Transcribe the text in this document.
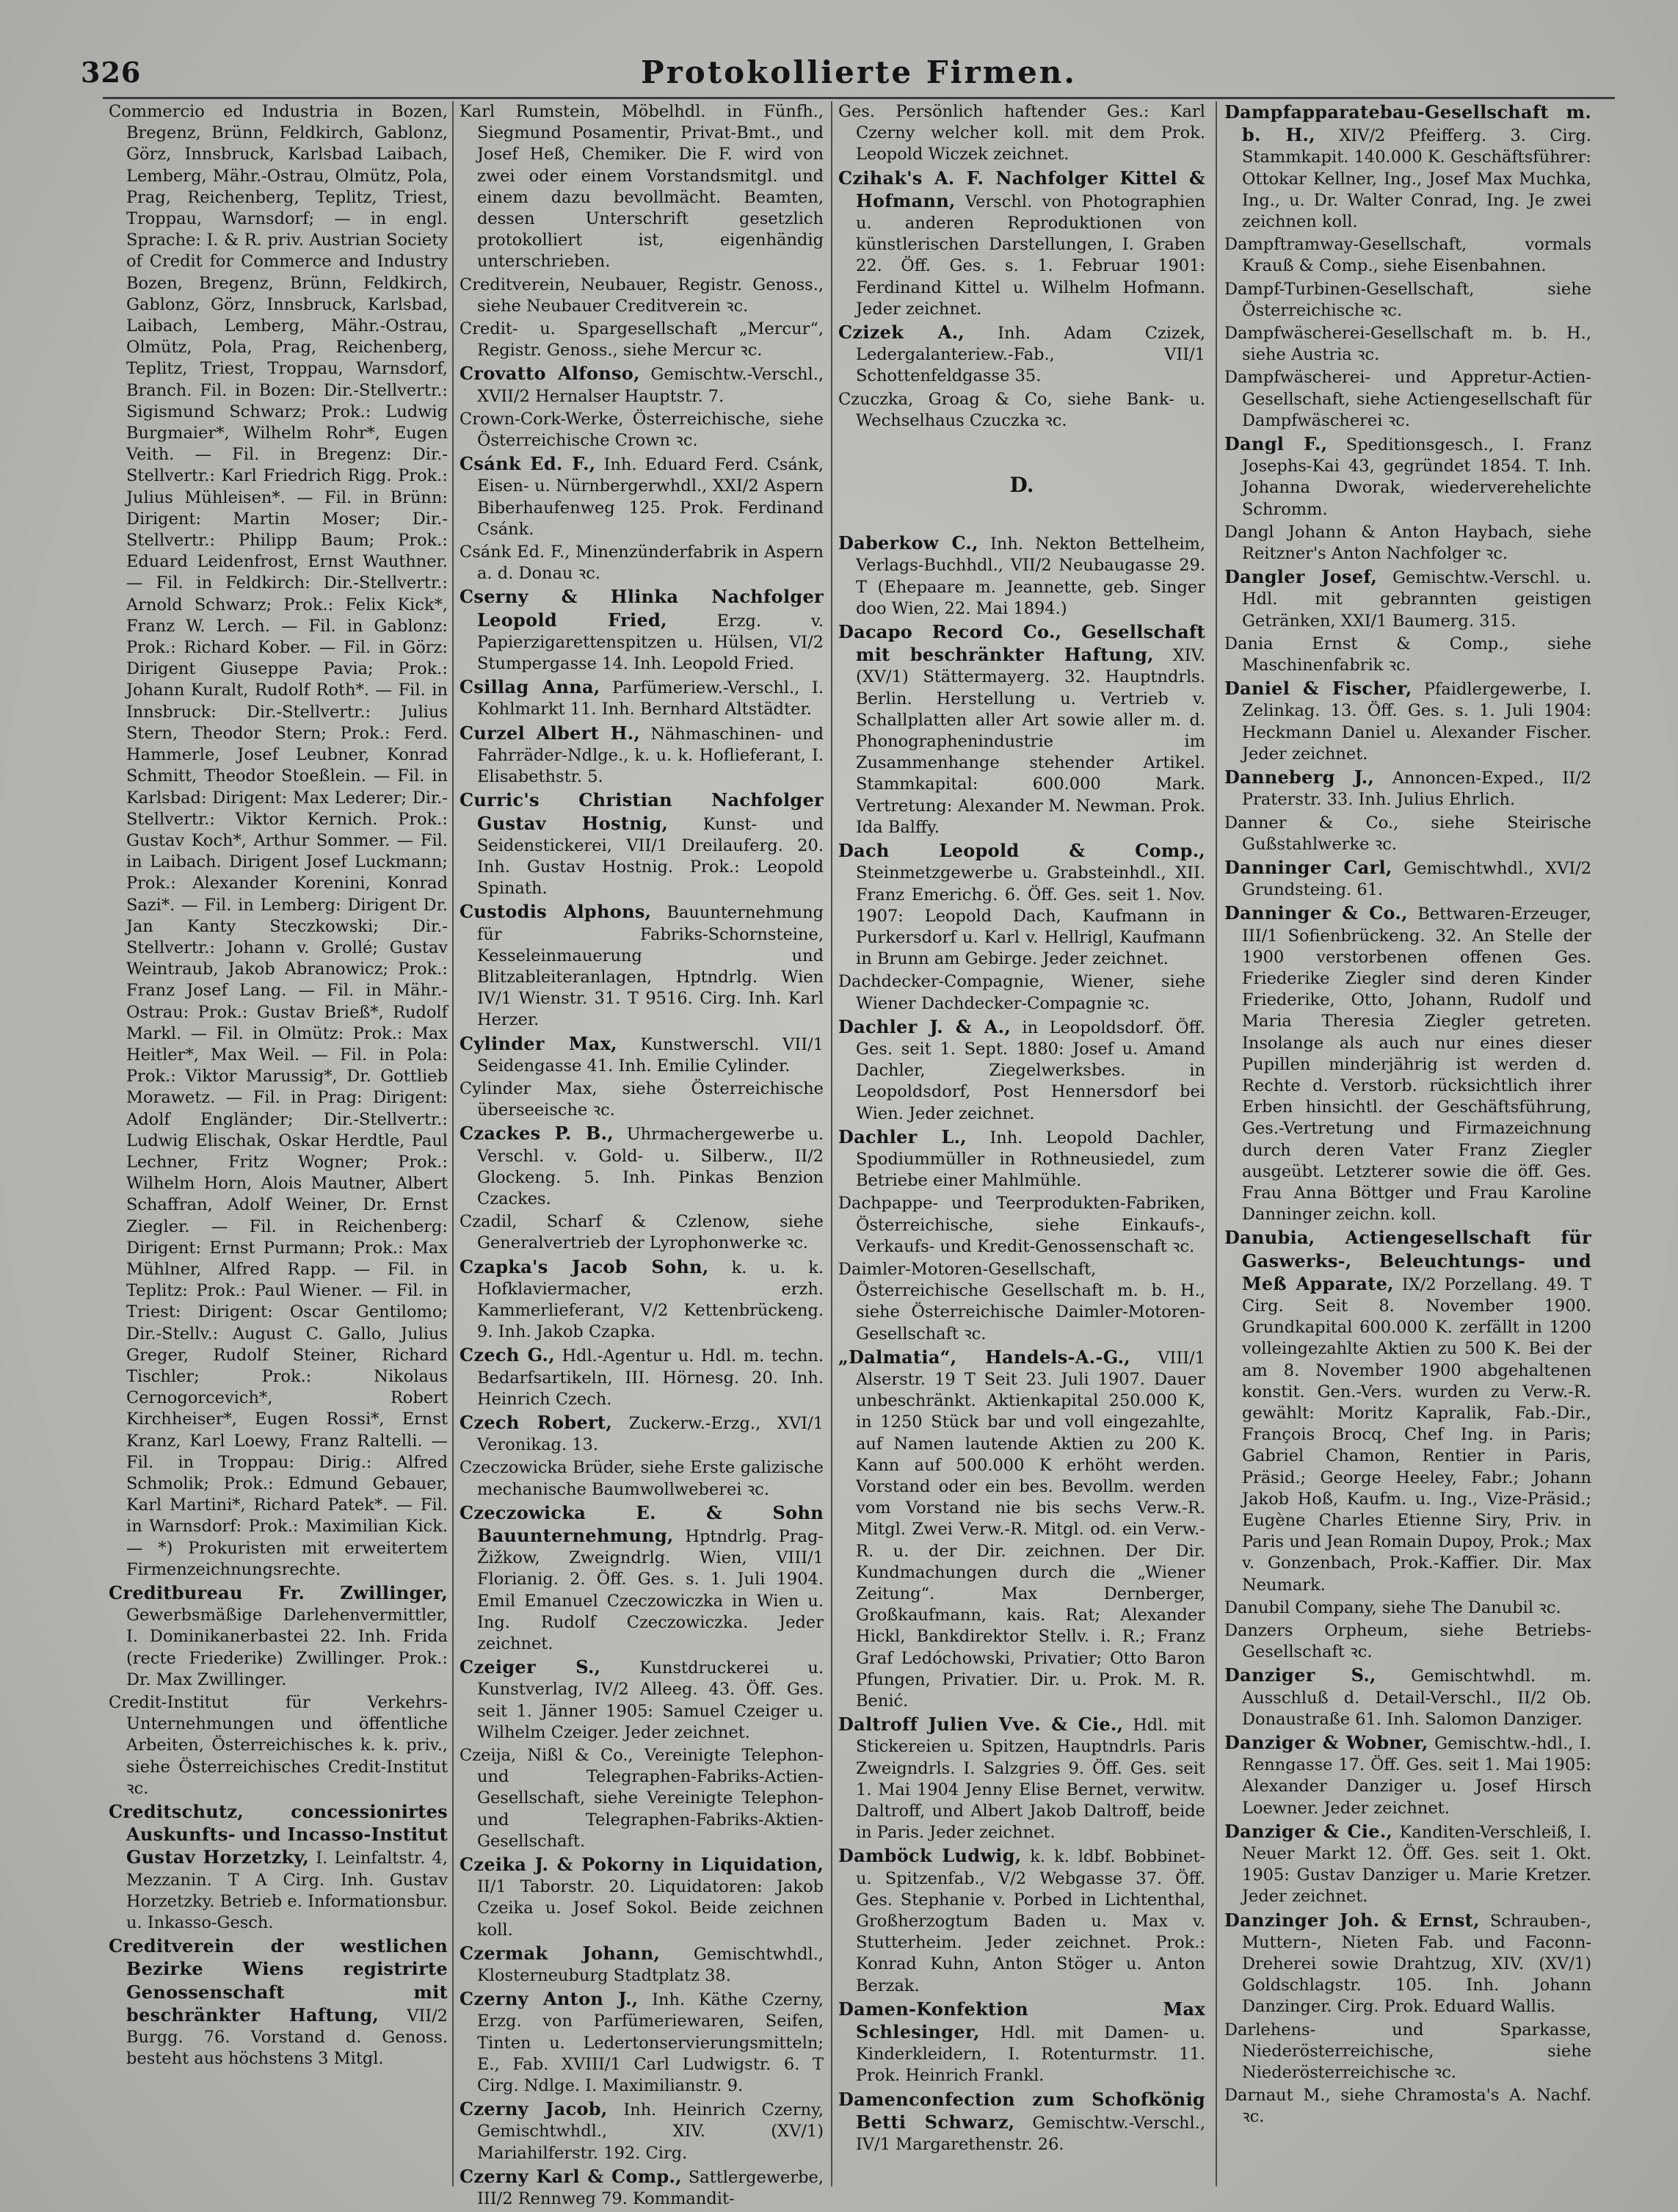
326	Protokollierte Firmen.
Commercio ed Industria in Bozen, Bregenz, Brünn, Feldkirch, Gablonz, Görz, Innsbruck, Karlsbad Laibach, Lemberg, Mähr.-Ostrau, Olmütz, Pola, Prag, Reichenberg, Teplitz, Triest, Troppau, Warnsdorf; — in engl. Sprache: I. & R. priv. Austrian Society of Credit for Commerce and Industry Bozen, Bregenz, Brünn, Feldkirch, Gablonz, Görz, Innsbruck, Karlsbad, Laibach, Lemberg, Mähr.-Ostrau, Olmütz, Pola, Prag, Reichenberg, Teplitz, Triest, Troppau, Warnsdorf, Branch. Fil. in Bozen: Dir.-Stellvertr.: Sigismund Schwarz; Prok.: Ludwig Burgmaier*, Wilhelm Rohr*, Eugen Veith. — Fil. in Bregenz: Dir.-Stellvertr.: Karl Friedrich Rigg. Prok.: Julius Mühleisen*. — Fil. in Brünn: Dirigent: Martin Moser; Dir.-Stellvertr.: Philipp Baum; Prok.: Eduard Leidenfrost, Ernst Wauthner. — Fil. in Feldkirch: Dir.-Stellvertr.: Arnold Schwarz; Prok.: Felix Kick*, Franz W. Lerch. — Fil. in Gablonz: Prok.: Richard Kober. — Fil. in Görz: Dirigent Giuseppe Pavia; Prok.: Johann Kuralt, Rudolf Roth*. — Fil. in Innsbruck: Dir.-Stellvertr.: Julius Stern, Theodor Stern; Prok.: Ferd. Hammerle, Josef Leubner, Konrad Schmitt, Theodor Stoeßlein. — Fil. in Karlsbad: Dirigent: Max Lederer; Dir.-Stellvertr.: Viktor Kernich. Prok.: Gustav Koch*, Arthur Sommer. — Fil. in Laibach. Dirigent Josef Luckmann; Prok.: Alexander Korenini, Konrad Sazi*. — Fil. in Lemberg: Dirigent Dr. Jan Kanty Steczkowski; Dir.-Stellvertr.: Johann v. Grollé; Gustav Weintraub, Jakob Abranowicz; Prok.: Franz Josef Lang. — Fil. in Mähr.-Ostrau: Prok.: Gustav Brieß*, Rudolf Markl. — Fil. in Olmütz: Prok.: Max Heitler*, Max Weil. — Fil. in Pola: Prok.: Viktor Marussig*, Dr. Gottlieb Morawetz. — Fil. in Prag: Dirigent: Adolf Engländer; Dir.-Stellvertr.: Ludwig Elischak, Oskar Herdtle, Paul Lechner, Fritz Wogner; Prok.: Wilhelm Horn, Alois Mautner, Albert Schaffran, Adolf Weiner, Dr. Ernst Ziegler. — Fil. in Reichenberg: Dirigent: Ernst Purmann; Prok.: Max Mühlner, Alfred Rapp. — Fil. in Teplitz: Prok.: Paul Wiener. — Fil. in Triest: Dirigent: Oscar Gentilomo; Dir.-Stellv.: August C. Gallo, Julius Greger, Rudolf Steiner, Richard Tischler; Prok.: Nikolaus Cernogorcevich*, Robert Kirchheiser*, Eugen Rossi*, Ernst Kranz, Karl Loewy, Franz Raltelli. — Fil. in Troppau: Dirig.: Alfred Schmolik; Prok.: Edmund Gebauer, Karl Martini*, Richard Patek*. — Fil. in Warnsdorf: Prok.: Maximilian Kick. — *) Prokuristen mit erweitertem Firmenzeichnungsrechte.
Creditbureau Fr. Zwillinger, Gewerbsmäßige Darlehenvermittler, I. Dominikanerbastei 22. Inh. Frida (recte Friederike) Zwillinger. Prok.: Dr. Max Zwillinger.
Credit-Institut für Verkehrs-Unternehmungen und öffentliche Arbeiten, Österreichisches k. k. priv., siehe Österreichisches Credit-Institut ꝛc.
Creditschutz, concessionirtes Auskunfts- und Incasso-Institut Gustav Horzetzky, I. Leinfaltstr. 4, Mezzanin. T A Cirg. Inh. Gustav Horzetzky. Betrieb e. Informationsbur. u. Inkasso-Gesch.
Creditverein der westlichen Bezirke Wiens registrirte Genossenschaft mit beschränkter Haftung, VII/2 Burgg. 76. Vorstand d. Genoss. besteht aus höchstens 3 Mitgl.
Karl Rumstein, Möbelhdl. in Fünfh., Siegmund Posamentir, Privat-Bmt., und Josef Heß, Chemiker. Die F. wird von zwei oder einem Vorstandsmitgl. und einem dazu bevollmächt. Beamten, dessen Unterschrift gesetzlich protokolliert ist, eigenhändig unterschrieben.
Creditverein, Neubauer, Registr. Genoss., siehe Neubauer Creditverein ꝛc.
Credit- u. Spargesellschaft „Mercur“, Registr. Genoss., siehe Mercur ꝛc.
Crovatto Alfonso, Gemischtw.-Verschl., XVII/2 Hernalser Hauptstr. 7.
Crown-Cork-Werke, Österreichische, siehe Österreichische Crown ꝛc.
Csánk Ed. F., Inh. Eduard Ferd. Csánk, Eisen- u. Nürnbergerwhdl., XXI/2 Aspern Biberhaufenweg 125. Prok. Ferdinand Csánk.
Csánk Ed. F., Minenzünderfabrik in Aspern a. d. Donau ꝛc.
Cserny & Hlinka Nachfolger Leopold Fried,	Erzg. v. Papierzigarettenspitzen u. Hülsen, VI/2 Stumpergasse 14. Inh. Leopold Fried.
Csillag Anna, Parfümeriew.-Verschl., I. Kohlmarkt 11. Inh. Bernhard Altstädter.
Curzel Albert H., Nähmaschinen- und Fahrräder-Ndlge., k. u. k. Hoflieferant, I. Elisabethstr. 5.
Curric's Christian Nachfolger Gustav Hostnig, Kunst- und Seidenstickerei, VII/1 Dreilauferg. 20. Inh. Gustav Hostnig. Prok.: Leopold Spinath.
Custodis Alphons, Bauunternehmung für Fabriks-Schornsteine, Kesseleinmauerung und Blitzableiteranlagen, Hptndrlg. Wien IV/1 Wienstr. 31. T 9516. Cirg. Inh. Karl Herzer.
Cylinder Max, Kunstwerschl. VII/1 Seidengasse 41. Inh. Emilie Cylinder.
Cylinder Max, siehe Österreichische überseeische ꝛc.
Czackes P. B., Uhrmachergewerbe u. Verschl. v. Gold- u. Silberw., II/2 Glockeng. 5. Inh. Pinkas Benzion Czackes.
Czadil, Scharf & Czlenow, siehe Generalvertrieb der Lyrophonwerke ꝛc.
Czapka's Jacob Sohn, k. u. k. Hofklaviermacher, erzh. Kammerlieferant, V/2 Kettenbrückeng. 9. Inh. Jakob Czapka.
Czech G., Hdl.-Agentur u. Hdl. m. techn. Bedarfsartikeln, III. Hörnesg. 20. Inh. Heinrich Czech.
Czech Robert, Zuckerw.-Erzg., XVI/1 Veronikag. 13.
Czeczowicka Brüder, siehe Erste galizische mechanische Baumwollweberei ꝛc.
Czeczowicka E. & Sohn Bauunternehmung, Hptndrlg. Prag-Žižkow, Zweigndrlg. Wien, VIII/1 Florianig. 2. Öff. Ges. s. 1. Juli 1904. Emil Emanuel Czeczowiczka in Wien u. Ing. Rudolf Czeczowiczka. Jeder zeichnet.
Czeiger S., Kunstdruckerei u. Kunstverlag, IV/2 Alleeg. 43. Öff. Ges. seit 1. Jänner 1905: Samuel Czeiger u. Wilhelm Czeiger. Jeder zeichnet.
Czeija, Nißl & Co., Vereinigte Telephon- und Telegraphen-Fabriks-Actien-Gesellschaft, siehe Vereinigte Telephon- und Telegraphen-Fabriks-Aktien-Gesellschaft.
Czeika J. & Pokorny in Liquidation, II/1 Taborstr. 20. Liquidatoren: Jakob Czeika u. Josef Sokol. Beide zeichnen koll.
Czermak Johann, Gemischtwhdl., Klosterneuburg Stadtplatz 38.
Czerny Anton J., Inh. Käthe Czerny, Erzg. von Parfümeriewaren, Seifen, Tinten u. Ledertonservierungsmitteln; E., Fab. XVIII/1 Carl Ludwigstr. 6. T Cirg. Ndlge. I. Maximilianstr. 9.
Czerny Jacob, Inh. Heinrich Czerny, Gemischtwhdl., XIV. (XV/1) Mariahilferstr. 192. Cirg.
Czerny Karl & Comp., Sattlergewerbe, III/2 Rennweg 79. Kommandit-
Ges. Persönlich haftender Ges.: Karl Czerny welcher koll. mit dem Prok. Leopold Wiczek zeichnet.
Czihak's A. F. Nachfolger Kittel & Hofmann, Verschl. von Photographien u. anderen Reproduktionen von künstlerischen Darstellungen, I. Graben 22. Öff. Ges. s. 1. Februar 1901: Ferdinand Kittel u. Wilhelm Hofmann. Jeder zeichnet.
Czizek A., Inh. Adam Czizek, Ledergalanteriew.-Fab., VII/1 Schottenfeldgasse 35.
Czuczka, Groag & Co, siehe Bank- u. Wechselhaus Czuczka ꝛc.
D.
Daberkow C., Inh. Nekton Bettelheim, Verlags-Buchhdl., VII/2 Neubaugasse 29. T (Ehepaare m. Jeannette, geb. Singer doo Wien, 22. Mai 1894.)
Dacapo Record Co., Gesellschaft mit beschränkter Haftung, XIV. (XV/1) Stättermayerg. 32. Hauptndrls. Berlin. Herstellung u. Vertrieb v. Schallplatten aller Art sowie aller m. d. Phonographenindustrie im Zusammenhange stehender Artikel. Stammkapital: 600.000 Mark. Vertretung: Alexander M. Newman. Prok. Ida Balffy.
Dach Leopold & Comp., Steinmetzgewerbe u. Grabsteinhdl., XII. Franz Emerichg. 6. Öff. Ges. seit 1. Nov. 1907: Leopold Dach, Kaufmann in Purkersdorf u. Karl v. Hellrigl, Kaufmann in Brunn am Gebirge. Jeder zeichnet.
Dachdecker-Compagnie, Wiener, siehe Wiener Dachdecker-Compagnie ꝛc.
Dachler J. & A., in Leopoldsdorf. Öff. Ges. seit 1. Sept. 1880: Josef u. Amand Dachler, Ziegelwerksbes. in Leopoldsdorf, Post Hennersdorf bei Wien. Jeder zeichnet.
Dachler L., Inh. Leopold Dachler, Spodiummüller in Rothneusiedel, zum Betriebe einer Mahlmühle.
Dachpappe- und Teerprodukten-Fabriken, Österreichische, siehe Einkaufs-, Verkaufs- und Kredit-Genossenschaft ꝛc.
Daimler-Motoren-Gesellschaft, Österreichische Gesellschaft m. b. H., siehe Österreichische Daimler-Motoren-Gesellschaft ꝛc.
„Dalmatia“, Handels-A.-G., VIII/1 Alserstr. 19 T Seit 23. Juli 1907. Dauer unbeschränkt. Aktienkapital 250.000 K, in 1250 Stück bar und voll eingezahlte, auf Namen lautende Aktien zu 200 K. Kann auf 500.000 K erhöht werden. Vorstand oder ein bes. Bevollm. werden vom Vorstand nie bis sechs Verw.-R. Mitgl. Zwei Verw.-R. Mitgl. od. ein Verw.-R. u. der Dir. zeichnen. Der Dir. Kundmachungen durch die „Wiener Zeitung“. Max Dernberger, Großkaufmann, kais. Rat; Alexander Hickl, Bankdirektor Stellv. i. R.; Franz Graf Ledóchowski, Privatier; Otto Baron Pfungen, Privatier. Dir. u. Prok. M. R. Benić.
Daltroff Julien Vve. & Cie., Hdl. mit Stickereien u. Spitzen, Hauptndrls. Paris Zweigndrls. I. Salzgries 9. Öff. Ges. seit 1. Mai 1904 Jenny Elise Bernet, verwitw. Daltroff, und Albert Jakob Daltroff, beide in Paris. Jeder zeichnet.
Damböck Ludwig, k. k. ldbf. Bobbinet- u. Spitzenfab., V/2 Webgasse 37. Öff. Ges. Stephanie v. Porbed in Lichtenthal, Großherzogtum Baden u. Max v. Stutterheim. Jeder zeichnet. Prok.: Konrad Kuhn, Anton Stöger u. Anton Berzak.
Damen-Konfektion Max Schlesinger, Hdl. mit Damen- u. Kinderkleidern, I. Rotenturmstr. 11. Prok. Heinrich Frankl.
Damenconfection zum Schofkönig Betti Schwarz, Gemischtw.-Verschl., IV/1 Margarethenstr. 26.
Dampfapparatebau-Gesellschaft m. b. H., XIV/2 Pfeifferg. 3. Cirg. Stammkapit. 140.000 K. Geschäftsführer: Ottokar Kellner, Ing., Josef Max Muchka, Ing., u. Dr. Walter Conrad, Ing. Je zwei zeichnen koll.
Dampftramway-Gesellschaft, vormals Krauß & Comp., siehe Eisenbahnen.
Dampf-Turbinen-Gesellschaft, siehe Österreichische ꝛc.
Dampfwäscherei-Gesellschaft m. b. H., siehe Austria ꝛc.
Dampfwäscherei- und Appretur-Actien-Gesellschaft, siehe Actiengesellschaft für Dampfwäscherei ꝛc.
Dangl F., Speditionsgesch., I. Franz Josephs-Kai 43, gegründet 1854. T. Inh. Johanna Dworak, wiederverehelichte Schromm.
Dangl Johann & Anton Haybach, siehe Reitzner's Anton Nachfolger ꝛc.
Dangler Josef, Gemischtw.-Verschl. u. Hdl. mit gebrannten geistigen Getränken, XXI/1 Baumerg. 315.
Dania Ernst & Comp., siehe Maschinenfabrik ꝛc.
Daniel & Fischer, Pfaidlergewerbe, I. Zelinkag. 13. Öff. Ges. s. 1. Juli 1904: Heckmann Daniel u. Alexander Fischer. Jeder zeichnet.
Danneberg J., Annoncen-Exped., II/2 Praterstr. 33. Inh. Julius Ehrlich.
Danner & Co., siehe Steirische Gußstahlwerke ꝛc.
Danninger Carl, Gemischtwhdl., XVI/2 Grundsteing. 61.
Danninger & Co., Bettwaren-Erzeuger, III/1 Sofienbrückeng. 32. An Stelle der 1900 verstorbenen offenen Ges. Friederike Ziegler sind deren Kinder Friederike, Otto, Johann, Rudolf und Maria Theresia Ziegler getreten. Insolange als auch nur eines dieser Pupillen minderjährig ist werden d. Rechte d. Verstorb. rücksichtlich ihrer Erben hinsichtl. der Geschäftsführung, Ges.-Vertretung und Firmazeichnung durch deren Vater Franz Ziegler ausgeübt. Letzterer sowie die öff. Ges. Frau Anna Böttger und Frau Karoline Danninger zeichn. koll.
Danubia, Actiengesellschaft für Gaswerks-, Beleuchtungs- und Meß Apparate, IX/2 Porzellang. 49. T Cirg. Seit 8. November 1900. Grundkapital 600.000 K. zerfällt in 1200 volleingezahlte Aktien zu 500 K. Bei der am 8. November 1900 abgehaltenen konstit. Gen.-Vers. wurden zu Verw.-R. gewählt: Moritz Kapralik, Fab.-Dir., François Brocq, Chef Ing. in Paris; Gabriel Chamon, Rentier in Paris, Präsid.; George Heeley, Fabr.; Johann Jakob Hoß, Kaufm. u. Ing., Vize-Präsid.; Eugène Charles Etienne Siry, Priv. in Paris und Jean Romain Dupoy, Prok.; Max v. Gonzenbach, Prok.-Kaffier. Dir. Max Neumark.
Danubil Company, siehe The Danubil ꝛc.
Danzers Orpheum, siehe Betriebs-Gesellschaft ꝛc.
Danziger S., Gemischtwhdl. m. Ausschluß d. Detail-Verschl., II/2 Ob. Donaustraße 61. Inh. Salomon Danziger.
Danziger & Wobner, Gemischtw.-hdl., I. Renngasse 17. Öff. Ges. seit 1. Mai 1905: Alexander Danziger u. Josef Hirsch Loewner. Jeder zeichnet.
Danziger & Cie., Kanditen-Verschleiß, I. Neuer Markt 12. Öff. Ges. seit 1. Okt. 1905: Gustav Danziger u. Marie Kretzer. Jeder zeichnet.
Danzinger Joh. & Ernst, Schrauben-, Muttern-, Nieten Fab. und Faconn-Dreherei sowie Drahtzug, XIV. (XV/1) Goldschlagstr. 105. Inh. Johann Danzinger. Cirg. Prok. Eduard Wallis.
Darlehens- und Sparkasse, Niederösterreichische, siehe Niederösterreichische ꝛc.
Darnaut M., siehe Chramosta's A. Nachf. ꝛc.
